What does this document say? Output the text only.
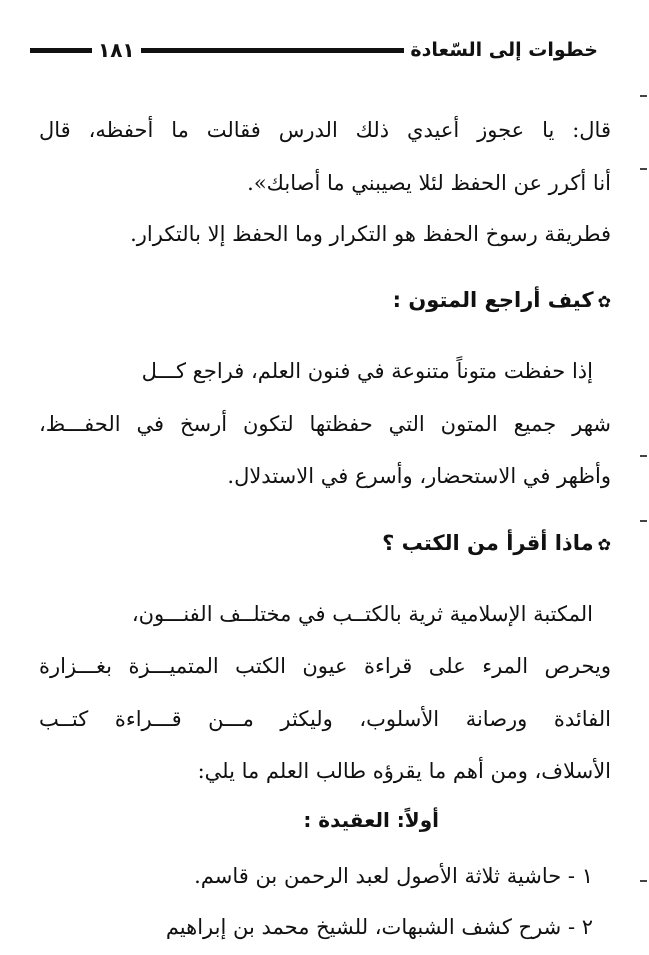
خطوات إلى السّعادة
١٨١
قال: يا عجوز أعيدي ذلك الدرس فقالت ما أحفظه، قال
أنا أكرر عن الحفظ لئلا يصيبني ما أصابك».
فطريقة رسوخ الحفظ هو التكرار وما الحفظ إلا بالتكرار.
✿كيف أراجع المتون :
إذا حفظت متوناً متنوعة في فنون العلم، فراجع كـــل
شهر جميع المتون التي حفظتها لتكون أرسخ في الحفـــظ،
وأظهر في الاستحضار، وأسرع في الاستدلال.
✿ماذا أقرأ من الكتب ؟
المكتبة الإسلامية ثرية بالكتــب في مختلــف الفنـــون،
ويحرص المرء على قراءة عيون الكتب المتميـــزة بغـــزارة
الفائدة ورصانة الأسلوب، وليكثر مـــن قـــراءة كتــب
الأسلاف، ومن أهم ما يقرؤه طالب العلم ما يلي:
أولاً: العقيدة :
١ - حاشية ثلاثة الأصول لعبد الرحمن بن قاسم.
٢ - شرح كشف الشبهات، للشيخ محمد بن إبراهيم
